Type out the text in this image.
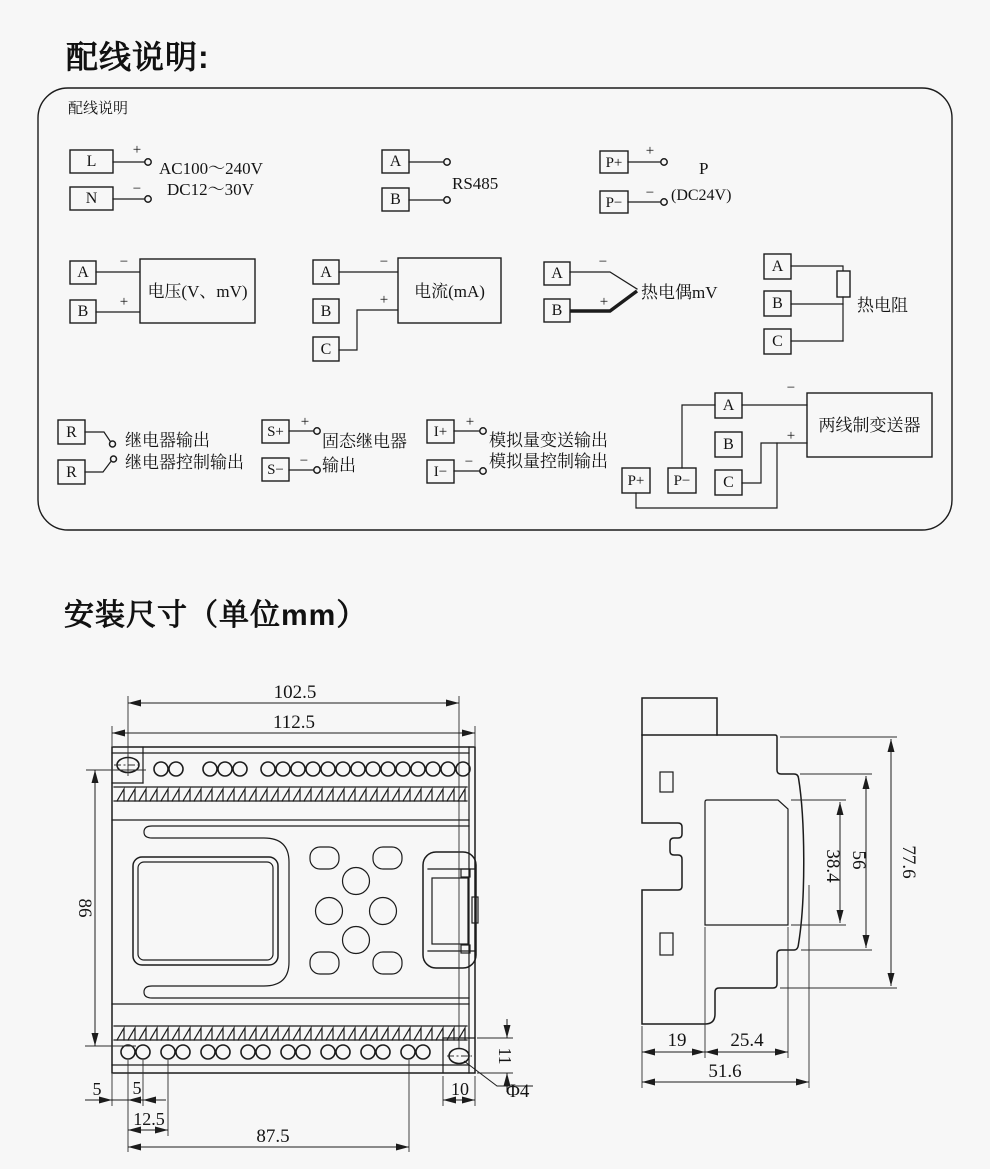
配线说明:
安装尺寸（单位mm）
配线说明
L
+
N
−
AC100～240V
DC12～30V
A
B
RS485
P+
+
P−
−
P
(DC24V)
A
B
−
+
电压(V、mV)
A
B
C
−
+ 电流(mA)
A
B
−
+ 热电偶mV
A
B
C
热电阻
R
R
继电器输出
继电器控制输出
S+
+
S−
−
固态继电器
输出
I+
+
I−
−
模拟量变送输出
模拟量控制输出
A
B
C
P+ P−
两线制变送器
−
+
102.5
112.5
86
5 5
12.5
87.5
10
11
Φ4
38.4 56 77.6
19 25.4
51.6
